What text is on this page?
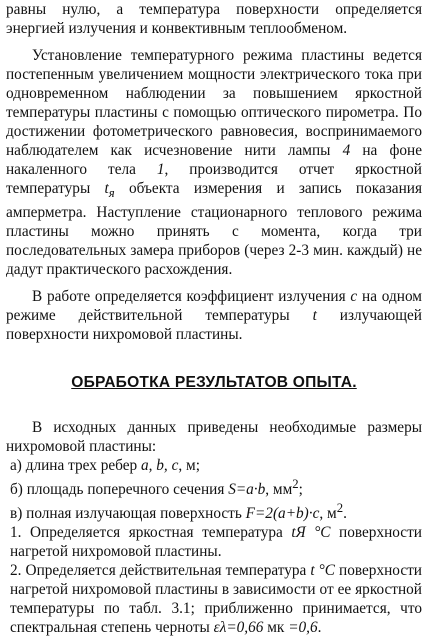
равны нулю, а температура поверхности определяется энергией излучения и конвективным теплообменом.

Установление температурного режима пластины ведется постепенным увеличением мощности электрического тока при одновременном наблюдении за повышением яркостной температуры пластины с помощью оптического пирометра. По достижении фотометрического равновесия, воспринимаемого наблюдателем как исчезновение нити лампы 4 на фоне накаленного тела 1, производится отчет яркостной температуры $t_я$ объекта измерения и запись показания амперметра. Наступление стационарного теплового режима пластины можно принять с момента, когда три последовательных замера приборов (через 2-3 мин. каждый) не дадут практического расхождения.

В работе определяется коэффициент излучения c на одном режиме действительной температуры t излучающей поверхности нихромовой пластины.

ОБРАБОТКА РЕЗУЛЬТАТОВ ОПЫТА.

В исходных данных приведены необходимые размеры нихромовой пластины:

а) длина трех ребер a, b, c, м;

б) площадь поперечного сечения S=a·b, $мм^2$;

в) полная излучающая поверхность F=2(a+b)·c, $м^2$.

1. Определяется яркостная температура tЯ °C поверхности нагретой нихромовой пластины.

2. Определяется действительная температура t °C поверхности нагретой нихромовой пластины в зависимости от ее яркостной температуры по табл. 3.1; приближенно принимается, что спектральная степень черноты ελ=0,66 мк =0,6.
